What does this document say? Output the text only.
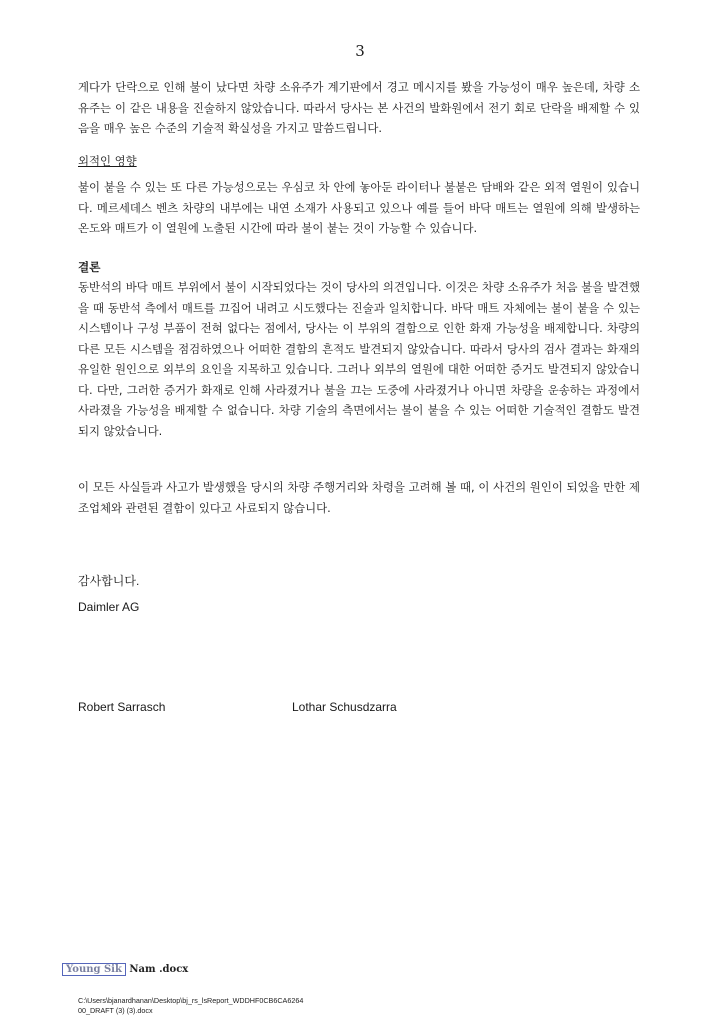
3
게다가 단락으로 인해 불이 났다면 차량 소유주가 계기판에서 경고 메시지를 봤을 가능성이 매우 높은데, 차량 소유주는 이 같은 내용을 진술하지 않았습니다. 따라서 당사는 본 사건의 발화원에서 전기 회로 단락을 배제할 수 있음을 매우 높은 수준의 기술적 확실성을 가지고 말씀드립니다.
외적인 영향
불이 붙을 수 있는 또 다른 가능성으로는 우심코 차 안에 놓아둔 라이터나 불붙은 담배와 같은 외적 열원이 있습니다. 메르세데스 벤츠 차량의 내부에는 내연 소재가 사용되고 있으나 예를 들어 바닥 매트는 열원에 의해 발생하는 온도와 매트가 이 열원에 노출된 시간에 따라 불이 붙는 것이 가능할 수 있습니다.
결론
동반석의 바닥 매트 부위에서 불이 시작되었다는 것이 당사의 의견입니다. 이것은 차량 소유주가 처음 불을 발견했을 때 동반석 측에서 매트를 끄집어 내려고 시도했다는 진술과 일치합니다. 바닥 매트 자체에는 불이 붙을 수 있는 시스템이나 구성 부품이 전혀 없다는 점에서, 당사는 이 부위의 결함으로 인한 화재 가능성을 배제합니다. 차량의 다른 모든 시스템을 점검하였으나 어떠한 결함의 흔적도 발견되지 않았습니다. 따라서 당사의 검사 결과는 화재의 유일한 원인으로 외부의 요인을 지목하고 있습니다. 그러나 외부의 열원에 대한 어떠한 증거도 발견되지 않았습니다. 다만, 그러한 증거가 화재로 인해 사라졌거나 불을 끄는 도중에 사라졌거나 아니면 차량을 운송하는 과정에서 사라졌을 가능성을 배제할 수 없습니다. 차량 기술의 측면에서는 불이 붙을 수 있는 어떠한 기술적인 결함도 발견되지 않았습니다.
이 모든 사실들과 사고가 발생했을 당시의 차량 주행거리와 차령을 고려해 볼 때, 이 사건의 원인이 되었을 만한 제조업체와 관련된 결함이 있다고 사료되지 않습니다.
감사합니다.
Daimler AG
Robert Sarrasch	Lothar Schusdzarra
Young Sik Nam .docx
C:\Users\bjanardhanan\Desktop\bj_rs_lsReport_WDDHF0CB6CA6264
00_DRAFT (3) (3).docx
